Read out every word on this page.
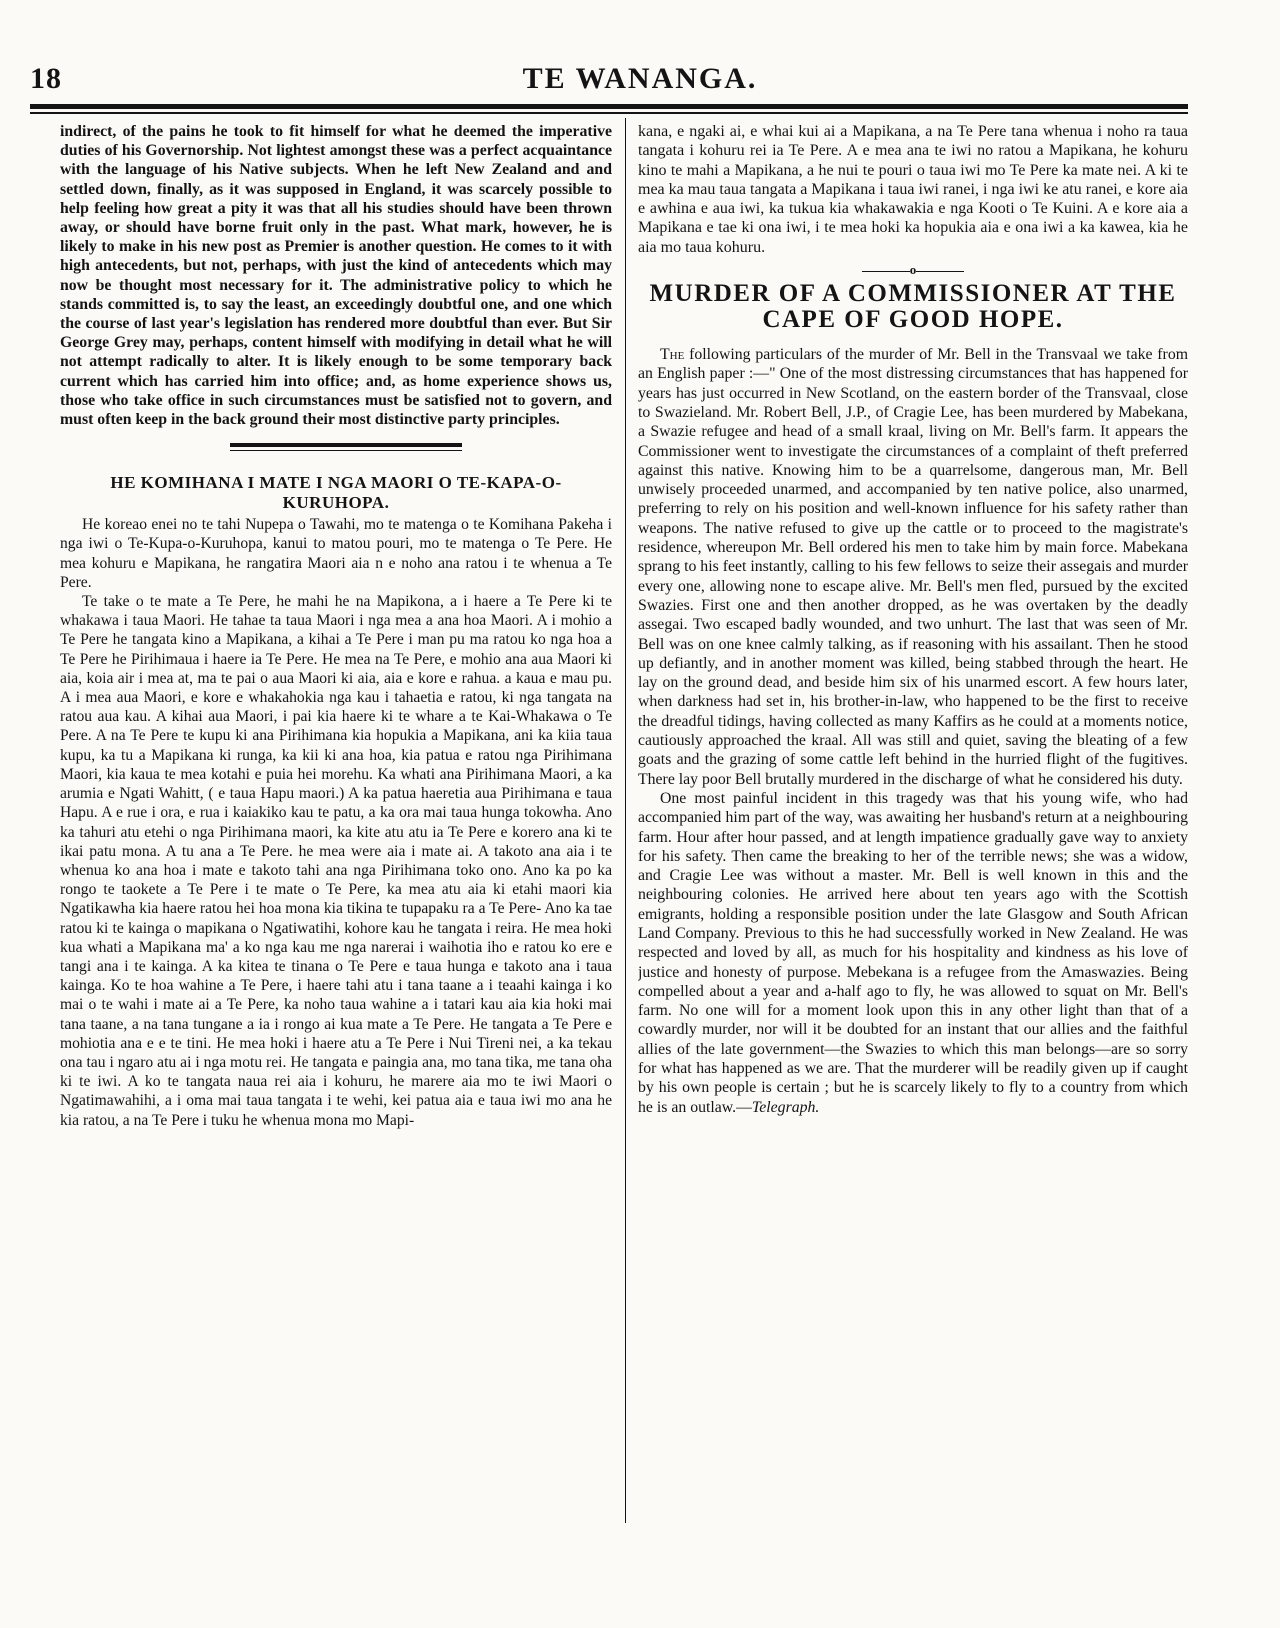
18	TE WANANGA.

indirect, of the pains he took to fit himself for what he deemed the imperative duties of his Governorship. Not lightest amongst these was a perfect acquaintance with the language of his Native subjects. When he left New Zealand and and settled down, finally, as it was supposed in England, it was scarcely possible to help feeling how great a pity it was that all his studies should have been thrown away, or should have borne fruit only in the past. What mark, however, he is likely to make in his new post as Premier is another question. He comes to it with high antecedents, but not, perhaps, with just the kind of antecedents which may now be thought most necessary for it. The administrative policy to which he stands committed is, to say the least, an exceedingly doubtful one, and one which the course of last year's legislation has rendered more doubtful than ever. But Sir George Grey may, perhaps, content himself with modifying in detail what he will not attempt radically to alter. It is likely enough to be some temporary back current which has carried him into office; and, as home experience shows us, those who take office in such circumstances must be satisfied not to govern, and must often keep in the back ground their most distinctive party principles.

HE KOMIHANA I MATE I NGA MAORI O TE-KAPA-O-KURUHOPA.

He koreao enei no te tahi Nupepa o Tawahi, mo te matenga o te Komihana Pakeha i nga iwi o Te-Kupa-o-Kuruhopa, kanui to matou pouri, mo te matenga o Te Pere. He mea kohuru e Mapikana, he rangatira Maori aia n e noho ana ratou i te whenua a Te Pere.

Te take o te mate a Te Pere, he mahi he na Mapikona, a i haere a Te Pere ki te whakawa i taua Maori. He tahae ta taua Maori i nga mea a ana hoa Maori. A i mohio a Te Pere he tangata kino a Mapikana, a kihai a Te Pere i man pu ma ratou ko nga hoa a Te Pere he Pirihimaua i haere ia Te Pere. He mea na Te Pere, e mohio ana aua Maori ki aia, koia air i mea at, ma te pai o aua Maori ki aia, aia e kore e rahua. a kaua e mau pu. A i mea aua Maori, e kore e whakahokia nga kau i tahaetia e ratou, ki nga tangata na ratou aua kau. A kihai aua Maori, i pai kia haere ki te whare a te Kai-Whakawa o Te Pere. A na Te Pere te kupu ki ana Pirihimana kia hopukia a Mapikana, ani ka kiia taua kupu, ka tu a Mapikana ki runga, ka kii ki ana hoa, kia patua e ratou nga Pirihimana Maori, kia kaua te mea kotahi e puia hei morehu. Ka whati ana Pirihimana Maori, a ka arumia e Ngati Wahitt, ( e taua Hapu maori.) A ka patua haeretia aua Pirihimana e taua Hapu. A e rue i ora, e rua i kaiakiko kau te patu, a ka ora mai taua hunga tokowha. Ano ka tahuri atu etehi o nga Pirihimana maori, ka kite atu atu ia Te Pere e korero ana ki te ikai patu mona. A tu ana a Te Pere. he mea were aia i mate ai. A takoto ana aia i te whenua ko ana hoa i mate e takoto tahi ana nga Pirihimana toko ono. Ano ka po ka rongo te taokete a Te Pere i te mate o Te Pere, ka mea atu aia ki etahi maori kia Ngatikawha kia haere ratou hei hoa mona kia tikina te tupapaku ra a Te Pere- Ano ka tae ratou ki te kainga o mapikana o Ngatiwatihi, kohore kau he tangata i reira. He mea hoki kua whati a Mapikana ma' a ko nga kau me nga narerai i waihotia iho e ratou ko ere e tangi ana i te kainga. A ka kitea te tinana o Te Pere e taua hunga e takoto ana i taua kainga. Ko te hoa wahine a Te Pere, i haere tahi atu i tana taane a i teaahi kainga i ko mai o te wahi i mate ai a Te Pere, ka noho taua wahine a i tatari kau aia kia hoki mai tana taane, a na tana tungane a ia i rongo ai kua mate a Te Pere. He tangata a Te Pere e mohiotia ana e e te tini. He mea hoki i haere atu a Te Pere i Nui Tireni nei, a ka tekau ona tau i ngaro atu ai i nga motu rei. He tangata e paingia ana, mo tana tika, me tana oha ki te iwi. A ko te tangata naua rei aia i kohuru, he marere aia mo te iwi Maori o Ngatimawahihi, a i oma mai taua tangata i te wehi, kei patua aia e taua iwi mo ana he kia ratou, a na Te Pere i tuku he whenua mona mo Mapi-

kana, e ngaki ai, e whai kui ai a Mapikana, a na Te Pere tana whenua i noho ra taua tangata i kohuru rei ia Te Pere. A e mea ana te iwi no ratou a Mapikana, he kohuru kino te mahi a Mapikana, a he nui te pouri o taua iwi mo Te Pere ka mate nei. A ki te mea ka mau taua tangata a Mapikana i taua iwi ranei, i nga iwi ke atu ranei, e kore aia e awhina e aua iwi, ka tukua kia whakawakia e nga Kooti o Te Kuini. A e kore aia a Mapikana e tae ki ona iwi, i te mea hoki ka hopukia aia e ona iwi a ka kawea, kia he aia mo taua kohuru.

o
MURDER OF A COMMISSIONER AT THE CAPE OF GOOD HOPE.

The following particulars of the murder of Mr. Bell in the Transvaal we take from an English paper :—" One of the most distressing circumstances that has happened for years has just occurred in New Scotland, on the eastern border of the Transvaal, close to Swazieland. Mr. Robert Bell, J.P., of Cragie Lee, has been murdered by Mabekana, a Swazie refugee and head of a small kraal, living on Mr. Bell's farm. It appears the Commissioner went to investigate the circumstances of a complaint of theft preferred against this native. Knowing him to be a quarrelsome, dangerous man, Mr. Bell unwisely proceeded unarmed, and accompanied by ten native police, also unarmed, preferring to rely on his position and well-known influence for his safety rather than weapons. The native refused to give up the cattle or to proceed to the magistrate's residence, whereupon Mr. Bell ordered his men to take him by main force. Mabekana sprang to his feet instantly, calling to his few fellows to seize their assegais and murder every one, allowing none to escape alive. Mr. Bell's men fled, pursued by the excited Swazies. First one and then another dropped, as he was overtaken by the deadly assegai. Two escaped badly wounded, and two unhurt. The last that was seen of Mr. Bell was on one knee calmly talking, as if reasoning with his assailant. Then he stood up defiantly, and in another moment was killed, being stabbed through the heart. He lay on the ground dead, and beside him six of his unarmed escort. A few hours later, when darkness had set in, his brother-in-law, who happened to be the first to receive the dreadful tidings, having collected as many Kaffirs as he could at a moments notice, cautiously approached the kraal. All was still and quiet, saving the bleating of a few goats and the grazing of some cattle left behind in the hurried flight of the fugitives. There lay poor Bell brutally murdered in the discharge of what he considered his duty.

One most painful incident in this tragedy was that his young wife, who had accompanied him part of the way, was awaiting her husband's return at a neighbouring farm. Hour after hour passed, and at length impatience gradually gave way to anxiety for his safety. Then came the breaking to her of the terrible news; she was a widow, and Cragie Lee was without a master. Mr. Bell is well known in this and the neighbouring colonies. He arrived here about ten years ago with the Scottish emigrants, holding a responsible position under the late Glasgow and South African Land Company. Previous to this he had successfully worked in New Zealand. He was respected and loved by all, as much for his hospitality and kindness as his love of justice and honesty of purpose. Mebekana is a refugee from the Amaswazies. Being compelled about a year and a-half ago to fly, he was allowed to squat on Mr. Bell's farm. No one will for a moment look upon this in any other light than that of a cowardly murder, nor will it be doubted for an instant that our allies and the faithful allies of the late government—the Swazies to which this man belongs—are so sorry for what has happened as we are. That the murderer will be readily given up if caught by his own people is certain ; but he is scarcely likely to fly to a country from which he is an outlaw.—Telegraph.
